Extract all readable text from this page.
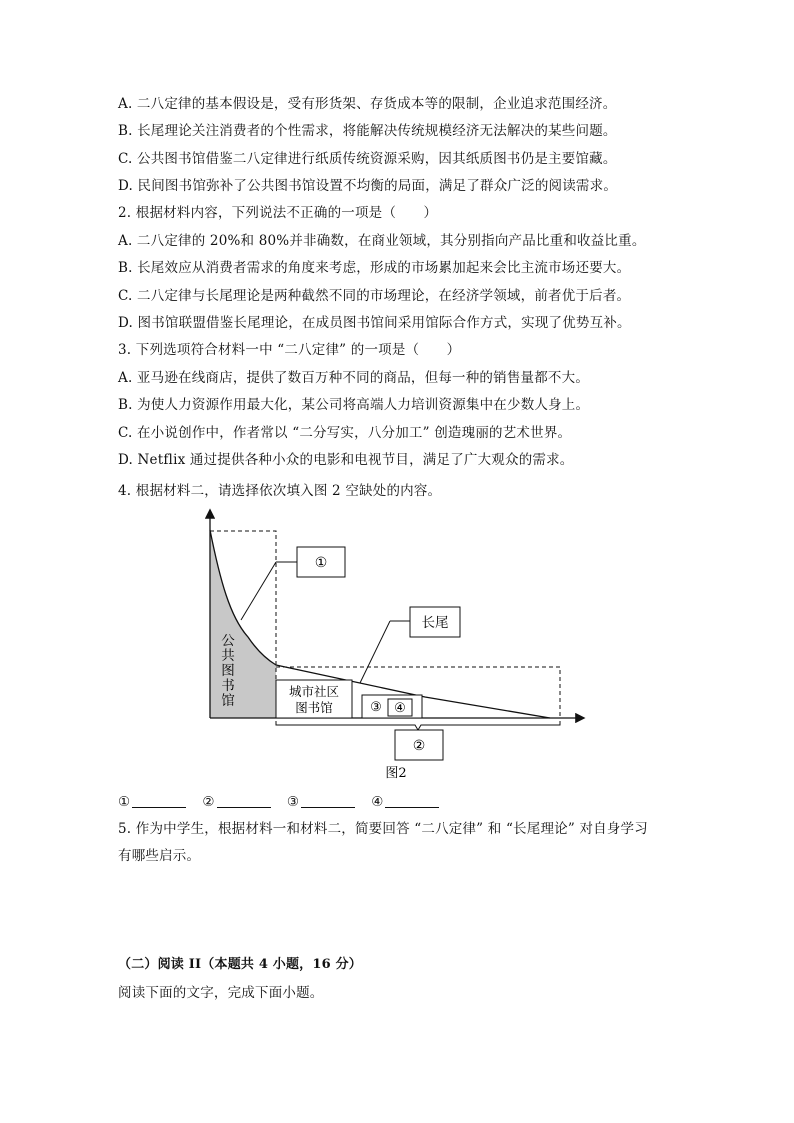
A. 二八定律的基本假设是，受有形货架、存货成本等的限制，企业追求范围经济。
B. 长尾理论关注消费者的个性需求，将能解决传统规模经济无法解决的某些问题。
C. 公共图书馆借鉴二八定律进行纸质传统资源采购，因其纸质图书仍是主要馆藏。
D. 民间图书馆弥补了公共图书馆设置不均衡的局面，满足了群众广泛的阅读需求。
2. 根据材料内容，下列说法不正确的一项是（　　）
A. 二八定律的 20%和 80%并非确数，在商业领域，其分别指向产品比重和收益比重。
B. 长尾效应从消费者需求的角度来考虑，形成的市场累加起来会比主流市场还要大。
C. 二八定律与长尾理论是两种截然不同的市场理论，在经济学领域，前者优于后者。
D. 图书馆联盟借鉴长尾理论，在成员图书馆间采用馆际合作方式，实现了优势互补。
3. 下列选项符合材料一中 “二八定律” 的一项是（　　）
A. 亚马逊在线商店，提供了数百万种不同的商品，但每一种的销售量都不大。
B. 为使人力资源作用最大化，某公司将高端人力培训资源集中在少数人身上。
C. 在小说创作中，作者常以 “二分写实，八分加工” 创造瑰丽的艺术世界。
D. Netflix 通过提供各种小众的电影和电视节目，满足了广大观众的需求。
4. 根据材料二，请选择依次填入图 2 空缺处的内容。
公
共
图
书
馆
①
长尾
城市社区
图书馆	③ ④
②
图2
①	②	③	④
5. 作为中学生，根据材料一和材料二，简要回答 “二八定律” 和 “长尾理论” 对自身学习
有哪些启示。
（二）阅读 II（本题共 4 小题，16 分）
阅读下面的文字，完成下面小题。
